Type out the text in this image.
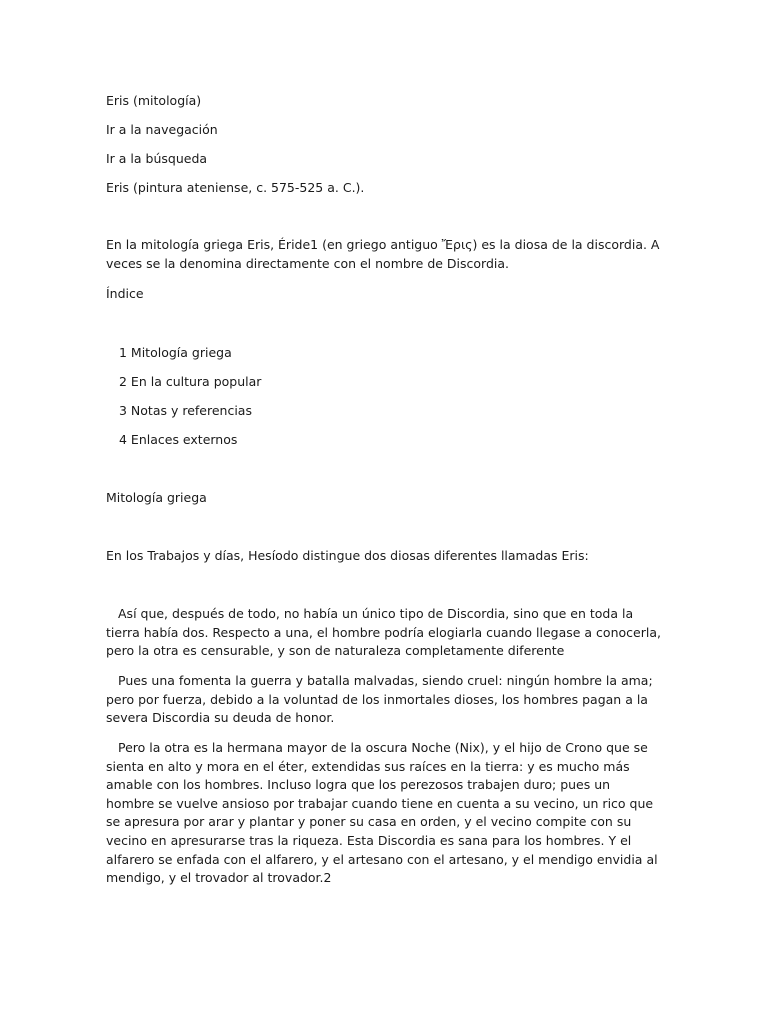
Eris (mitología)

Ir a la navegación

Ir a la búsqueda

Eris (pintura ateniense, c. 575-525 a. C.).

En la mitología griega Eris, Éride1 (en griego antiguo Ἔρις) es la diosa de la discordia. A veces se la denomina directamente con el nombre de Discordia.

Índice

1 Mitología griega

2 En la cultura popular

3 Notas y referencias

4 Enlaces externos

Mitología griega

En los Trabajos y días, Hesíodo distingue dos diosas diferentes llamadas Eris:

Así que, después de todo, no había un único tipo de Discordia, sino que en toda la tierra había dos. Respecto a una, el hombre podría elogiarla cuando llegase a conocerla, pero la otra es censurable, y son de naturaleza completamente diferente

Pues una fomenta la guerra y batalla malvadas, siendo cruel: ningún hombre la ama; pero por fuerza, debido a la voluntad de los inmortales dioses, los hombres pagan a la severa Discordia su deuda de honor.

Pero la otra es la hermana mayor de la oscura Noche (Nix), y el hijo de Crono que se sienta en alto y mora en el éter, extendidas sus raíces en la tierra: y es mucho más amable con los hombres. Incluso logra que los perezosos trabajen duro; pues un hombre se vuelve ansioso por trabajar cuando tiene en cuenta a su vecino, un rico que se apresura por arar y plantar y poner su casa en orden, y el vecino compite con su vecino en apresurarse tras la riqueza. Esta Discordia es sana para los hombres. Y el alfarero se enfada con el alfarero, y el artesano con el artesano, y el mendigo envidia al mendigo, y el trovador al trovador.2
